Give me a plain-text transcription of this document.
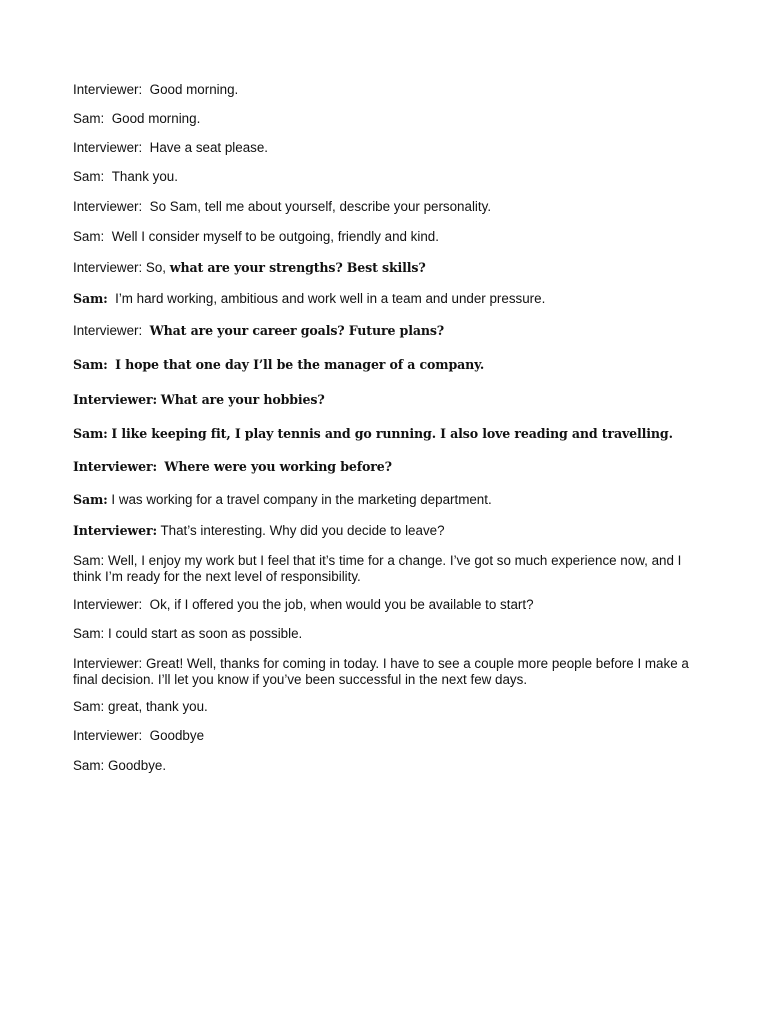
Interviewer: Good morning.
Sam: Good morning.
Interviewer: Have a seat please.
Sam: Thank you.
Interviewer: So Sam, tell me about yourself, describe your personality.
Sam: Well I consider myself to be outgoing, friendly and kind.
Interviewer: So, what are your strengths? Best skills?
Sam: I’m hard working, ambitious and work well in a team and under pressure.
Interviewer: What are your career goals? Future plans?
Sam: I hope that one day I’ll be the manager of a company.
Interviewer: What are your hobbies?
Sam: I like keeping fit, I play tennis and go running. I also love reading and travelling.
Interviewer: Where were you working before?
Sam: I was working for a travel company in the marketing department.
Interviewer: That’s interesting. Why did you decide to leave?
Sam: Well, I enjoy my work but I feel that it’s time for a change. I’ve got so much experience now, and I think I’m ready for the next level of responsibility.
Interviewer: Ok, if I offered you the job, when would you be available to start?
Sam: I could start as soon as possible.
Interviewer: Great! Well, thanks for coming in today. I have to see a couple more people before I make a final decision. I’ll let you know if you’ve been successful in the next few days.
Sam: great, thank you.
Interviewer: Goodbye
Sam: Goodbye.
